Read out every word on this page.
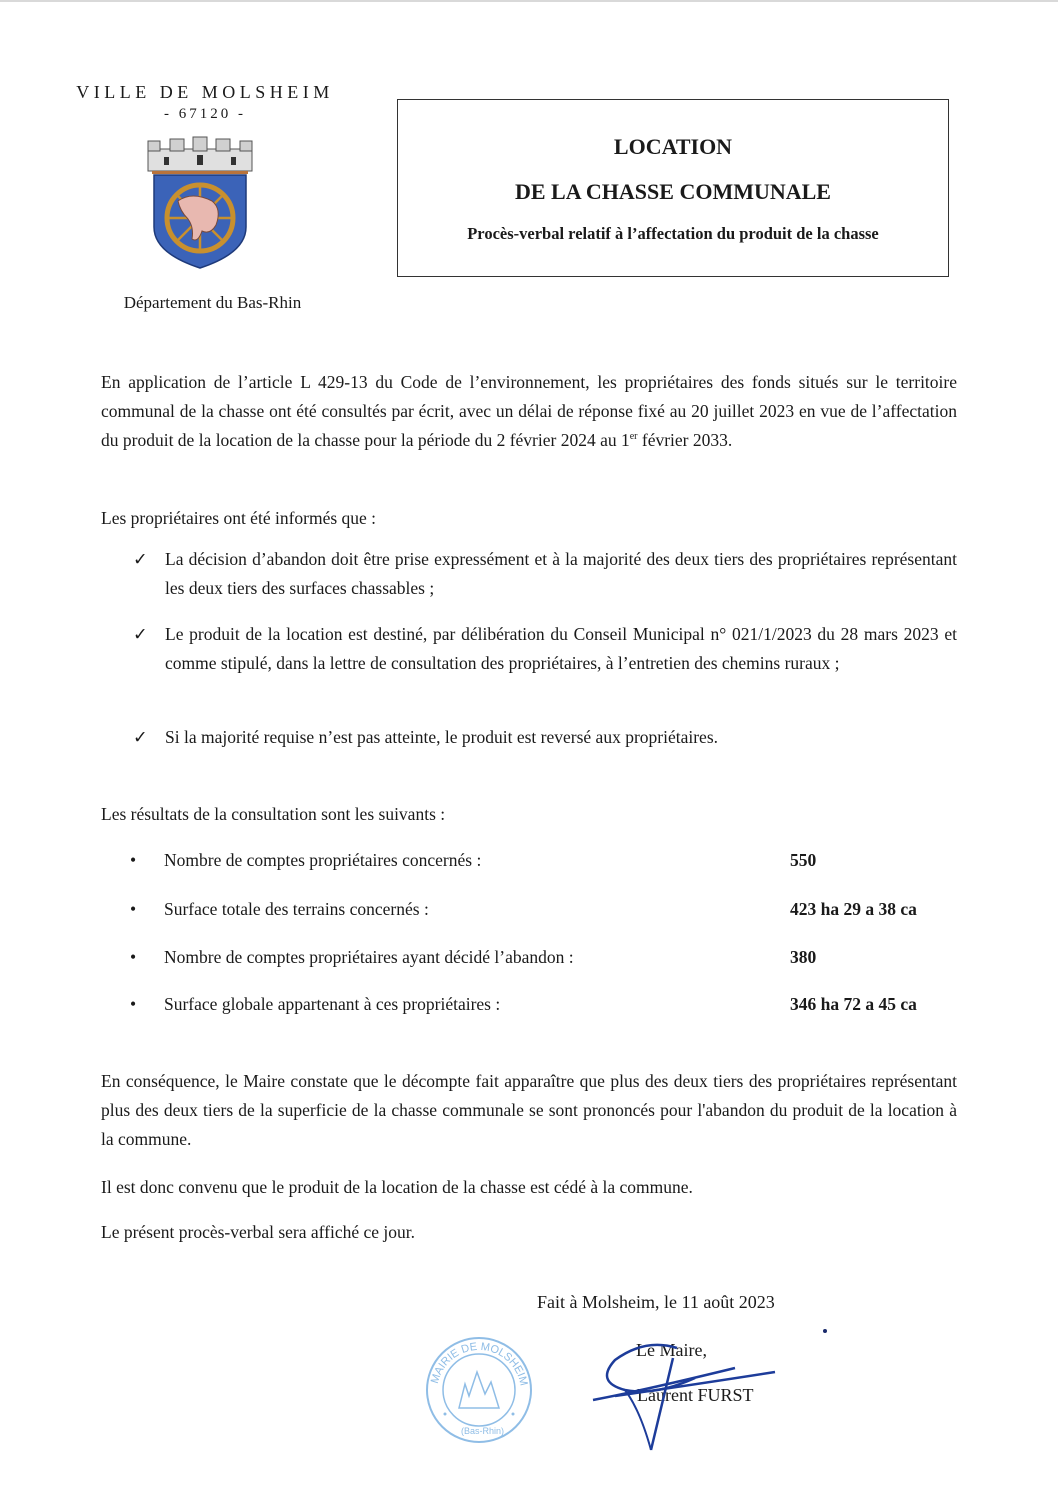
VILLE DE MOLSHEIM
- 67120 -
Département du Bas-Rhin
LOCATION
DE LA CHASSE COMMUNALE
Procès-verbal relatif à l’affectation du produit de la chasse
En application de l’article L 429-13 du Code de l’environnement, les propriétaires des fonds situés sur le territoire communal de la chasse ont été consultés par écrit, avec un délai de réponse fixé au 20 juillet 2023 en vue de l’affectation du produit de la location de la chasse pour la période du 2 février 2024 au 1er février 2033.
Les propriétaires ont été informés que :
✓ La décision d’abandon doit être prise expressément et à la majorité des deux tiers des propriétaires représentant les deux tiers des surfaces chassables ;
✓ Le produit de la location est destiné, par délibération du Conseil Municipal n° 021/1/2023 du 28 mars 2023 et comme stipulé, dans la lettre de consultation des propriétaires, à l’entretien des chemins ruraux ;
✓ Si la majorité requise n’est pas atteinte, le produit est reversé aux propriétaires.
Les résultats de la consultation sont les suivants :
• Nombre de comptes propriétaires concernés :	550
• Surface totale des terrains concernés :	423 ha 29 a 38 ca
• Nombre de comptes propriétaires ayant décidé l’abandon :	380
• Surface globale appartenant à ces propriétaires :	346 ha 72 a 45 ca
En conséquence, le Maire constate que le décompte fait apparaître que plus des deux tiers des propriétaires représentant plus des deux tiers de la superficie de la chasse communale se sont prononcés pour l'abandon du produit de la location à la commune.
Il est donc convenu que le produit de la location de la chasse est cédé à la commune.
Le présent procès-verbal sera affiché ce jour.
Fait à Molsheim, le 11 août 2023
MAIRIE DE MOLSHEIM
(Bas-Rhin)
Le Maire,
Laurent FURST
